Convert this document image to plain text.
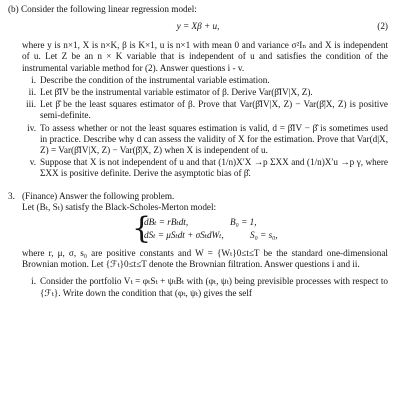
(b) Consider the following linear regression model:

y = Xβ + u,	(2)

where y is n×1, X is n×K, β is K×1, u is n×1 with mean 0 and variance σ²Iₙ and X is independent of u. Let Z be an n × K variable that is independent of u and satisfies the condition of the instrumental variable method for (2). Answer questions i - v.

i. Describe the condition of the instrumental variable estimation.
ii. Let β̂IV be the instrumental variable estimator of β. Derive Var(β̂IV|X, Z).
iii. Let β̂ be the least squares estimator of β. Prove that Var(β̂IV|X, Z) − Var(β̂|X, Z) is positive semi-definite.
iv. To assess whether or not the least squares estimation is valid, d = β̂IV − β̂ is sometimes used in practice. Describe why d can assess the validity of X for the estimation. Prove that Var(d|X, Z) = Var(β̂IV|X, Z) − Var(β̂|X, Z) when X is independent of u.
v. Suppose that X is not independent of u and that (1/n)X′X →p ΣXX and (1/n)X′u →p γ, where ΣXX is positive definite. Derive the asymptotic bias of β̂.
3. (Finance) Answer the following problem.

Let (Bₜ, Sₜ) satisfy the Black-Scholes-Merton model:

{
dBₜ = rBₜdt,	B₀ = 1,
dSₜ = μSₜdt + σSₜdWₜ,	S₀ = s₀,

where r, μ, σ, s₀ are positive constants and W = {Wₜ}0≤t≤T be the standard one-dimensional Brownian motion. Let {ℱₜ}0≤t≤T denote the Brownian filtration. Answer questions i and ii.

i. Consider the portfolio Vₜ = φₜSₜ + ψₜBₜ with (φₜ, ψₜ) being previsible processes with respect to {ℱₜ}. Write down the condition that (φₜ, ψₜ) gives the self
